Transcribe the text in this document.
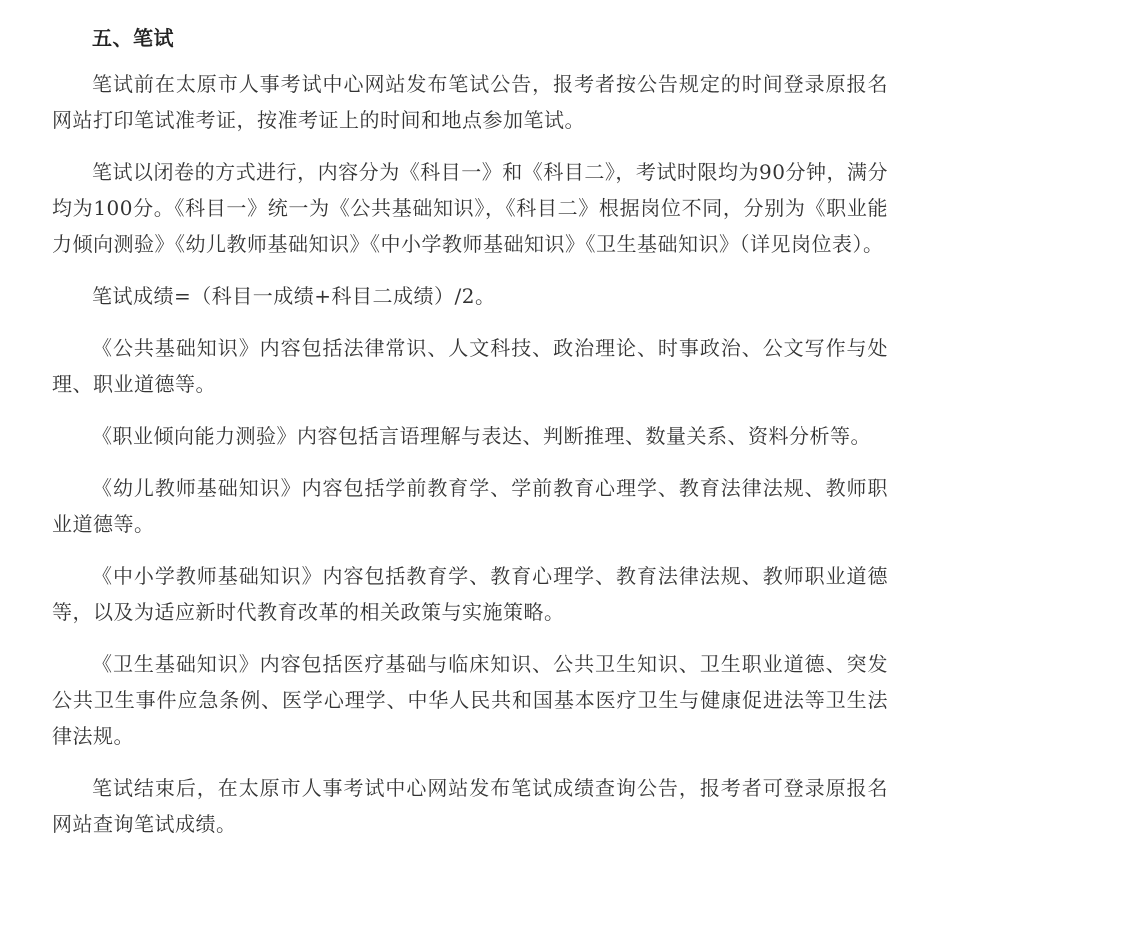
五、笔试

笔试前在太原市人事考试中心网站发布笔试公告，报考者按公告规定的时间登录原报名网站打印笔试准考证，按准考证上的时间和地点参加笔试。

笔试以闭卷的方式进行，内容分为《科目一》和《科目二》，考试时限均为90分钟，满分均为100分。《科目一》统一为《公共基础知识》，《科目二》根据岗位不同，分别为《职业能力倾向测验》《幼儿教师基础知识》《中小学教师基础知识》《卫生基础知识》（详见岗位表）。

笔试成绩=（科目一成绩+科目二成绩）/2。

《公共基础知识》内容包括法律常识、人文科技、政治理论、时事政治、公文写作与处理、职业道德等。

《职业倾向能力测验》内容包括言语理解与表达、判断推理、数量关系、资料分析等。

《幼儿教师基础知识》内容包括学前教育学、学前教育心理学、教育法律法规、教师职业道德等。

《中小学教师基础知识》内容包括教育学、教育心理学、教育法律法规、教师职业道德等，以及为适应新时代教育改革的相关政策与实施策略。

《卫生基础知识》内容包括医疗基础与临床知识、公共卫生知识、卫生职业道德、突发公共卫生事件应急条例、医学心理学、中华人民共和国基本医疗卫生与健康促进法等卫生法律法规。

笔试结束后，在太原市人事考试中心网站发布笔试成绩查询公告，报考者可登录原报名网站查询笔试成绩。
